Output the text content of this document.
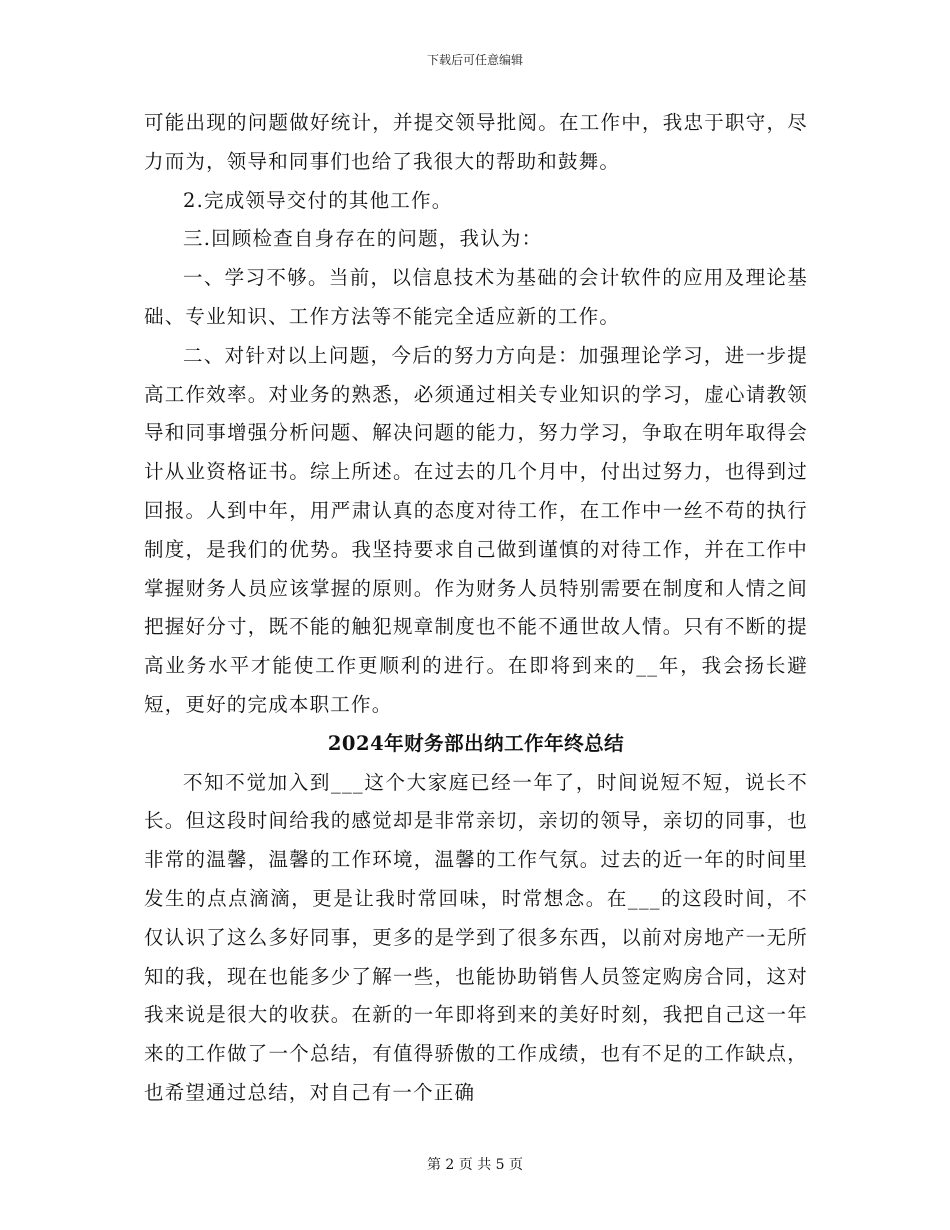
下载后可任意编辑

可能出现的问题做好统计，并提交领导批阅。在工作中，我忠于职守，尽力而为，领导和同事们也给了我很大的帮助和鼓舞。

2.完成领导交付的其他工作。

三.回顾检查自身存在的问题，我认为：

一、学习不够。当前，以信息技术为基础的会计软件的应用及理论基础、专业知识、工作方法等不能完全适应新的工作。

二、对针对以上问题，今后的努力方向是：加强理论学习，进一步提高工作效率。对业务的熟悉，必须通过相关专业知识的学习，虚心请教领导和同事增强分析问题、解决问题的能力，努力学习，争取在明年取得会计从业资格证书。综上所述。在过去的几个月中，付出过努力，也得到过回报。人到中年，用严肃认真的态度对待工作，在工作中一丝不苟的执行制度，是我们的优势。我坚持要求自己做到谨慎的对待工作，并在工作中掌握财务人员应该掌握的原则。作为财务人员特别需要在制度和人情之间把握好分寸，既不能的触犯规章制度也不能不通世故人情。只有不断的提高业务水平才能使工作更顺利的进行。在即将到来的__年，我会扬长避短，更好的完成本职工作。

2024年财务部出纳工作年终总结

不知不觉加入到___这个大家庭已经一年了，时间说短不短，说长不长。但这段时间给我的感觉却是非常亲切，亲切的领导，亲切的同事，也非常的温馨，温馨的工作环境，温馨的工作气氛。过去的近一年的时间里发生的点点滴滴，更是让我时常回味，时常想念。在___的这段时间，不仅认识了这么多好同事，更多的是学到了很多东西，以前对房地产一无所知的我，现在也能多少了解一些，也能协助销售人员签定购房合同，这对我来说是很大的收获。在新的一年即将到来的美好时刻，我把自己这一年来的工作做了一个总结，有值得骄傲的工作成绩，也有不足的工作缺点，也希望通过总结，对自己有一个正确

第 2 页 共 5 页
